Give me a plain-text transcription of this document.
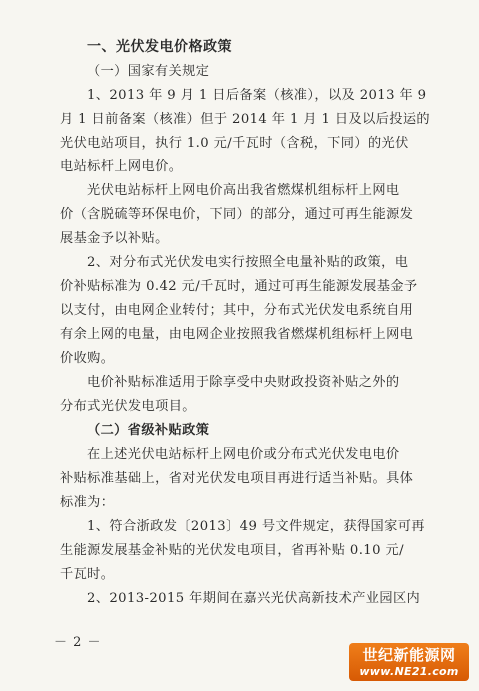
一、光伏发电价格政策
（一）国家有关规定
1、2013 年 9 月 1 日后备案（核准），以及 2013 年 9
月 1 日前备案（核准）但于 2014 年 1 月 1 日及以后投运的
光伏电站项目，执行 1.0 元/千瓦时（含税，下同）的光伏
电站标杆上网电价。
光伏电站标杆上网电价高出我省燃煤机组标杆上网电
价（含脱硫等环保电价，下同）的部分，通过可再生能源发
展基金予以补贴。
2、对分布式光伏发电实行按照全电量补贴的政策，电
价补贴标准为 0.42 元/千瓦时，通过可再生能源发展基金予
以支付，由电网企业转付；其中，分布式光伏发电系统自用
有余上网的电量，由电网企业按照我省燃煤机组标杆上网电
价收购。
电价补贴标准适用于除享受中央财政投资补贴之外的
分布式光伏发电项目。
（二）省级补贴政策
在上述光伏电站标杆上网电价或分布式光伏发电电价
补贴标准基础上，省对光伏发电项目再进行适当补贴。具体
标准为：
1、符合浙政发〔2013〕49 号文件规定，获得国家可再
生能源发展基金补贴的光伏发电项目，省再补贴 0.10 元/
千瓦时。
2、2013-2015 年期间在嘉兴光伏高新技术产业园区内
－ 2 －
世纪新能源网
www.NE21.com
